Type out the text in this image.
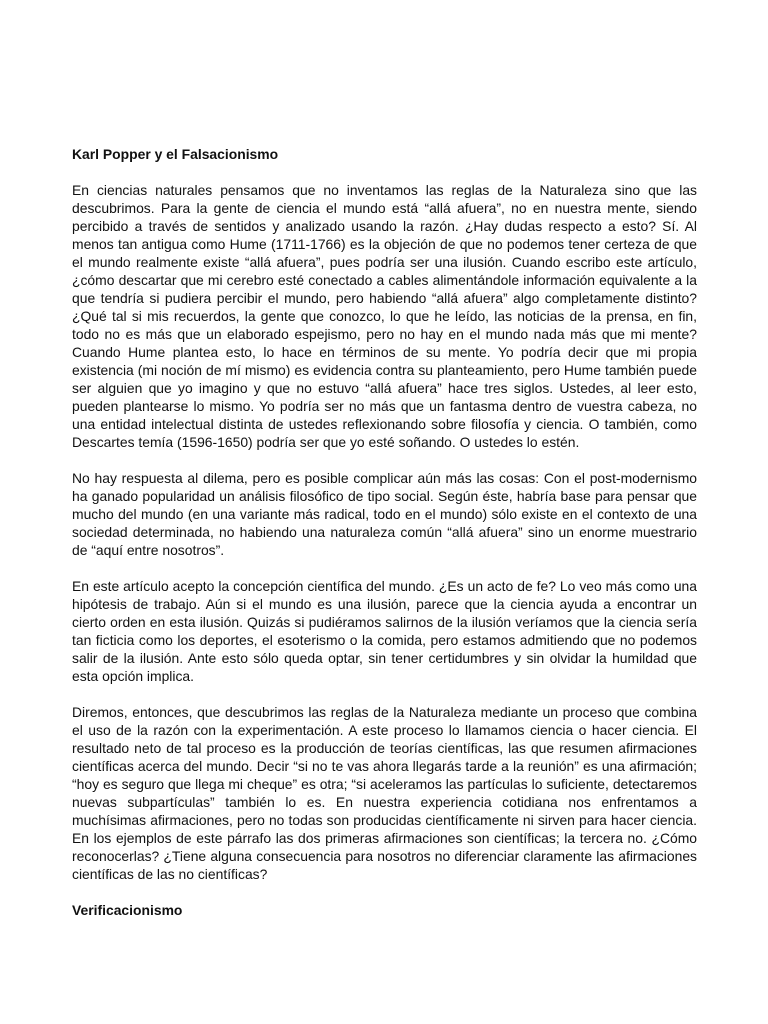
Karl Popper y el Falsacionismo

En ciencias naturales pensamos que no inventamos las reglas de la Naturaleza sino que las descubrimos. Para la gente de ciencia el mundo está “allá afuera”, no en nuestra mente, siendo percibido a través de sentidos y analizado usando la razón. ¿Hay dudas respecto a esto? Sí. Al menos tan antigua como Hume (1711-1766) es la objeción de que no podemos tener certeza de que el mundo realmente existe “allá afuera”, pues podría ser una ilusión. Cuando escribo este artículo, ¿cómo descartar que mi cerebro esté conectado a cables alimentándole información equivalente a la que tendría si pudiera percibir el mundo, pero habiendo “allá afuera” algo completamente distinto? ¿Qué tal si mis recuerdos, la gente que conozco, lo que he leído, las noticias de la prensa, en fin, todo no es más que un elaborado espejismo, pero no hay en el mundo nada más que mi mente? Cuando Hume plantea esto, lo hace en términos de su mente. Yo podría decir que mi propia existencia (mi noción de mí mismo) es evidencia contra su planteamiento, pero Hume también puede ser alguien que yo imagino y que no estuvo “allá afuera” hace tres siglos. Ustedes, al leer esto, pueden plantearse lo mismo. Yo podría ser no más que un fantasma dentro de vuestra cabeza, no una entidad intelectual distinta de ustedes reflexionando sobre filosofía y ciencia. O también, como Descartes temía (1596-1650) podría ser que yo esté soñando. O ustedes lo estén.

No hay respuesta al dilema, pero es posible complicar aún más las cosas: Con el post-modernismo ha ganado popularidad un análisis filosófico de tipo social. Según éste, habría base para pensar que mucho del mundo (en una variante más radical, todo en el mundo) sólo existe en el contexto de una sociedad determinada, no habiendo una naturaleza común “allá afuera” sino un enorme muestrario de “aquí entre nosotros”.

En este artículo acepto la concepción científica del mundo. ¿Es un acto de fe? Lo veo más como una hipótesis de trabajo. Aún si el mundo es una ilusión, parece que la ciencia ayuda a encontrar un cierto orden en esta ilusión. Quizás si pudiéramos salirnos de la ilusión veríamos que la ciencia sería tan ficticia como los deportes, el esoterismo o la comida, pero estamos admitiendo que no podemos salir de la ilusión. Ante esto sólo queda optar, sin tener certidumbres y sin olvidar la humildad que esta opción implica.

Diremos, entonces, que descubrimos las reglas de la Naturaleza mediante un proceso que combina el uso de la razón con la experimentación. A este proceso lo llamamos ciencia o hacer ciencia. El resultado neto de tal proceso es la producción de teorías científicas, las que resumen afirmaciones científicas acerca del mundo. Decir “si no te vas ahora llegarás tarde a la reunión” es una afirmación; “hoy es seguro que llega mi cheque” es otra; “si aceleramos las partículas lo suficiente, detectaremos nuevas subpartículas” también lo es. En nuestra experiencia cotidiana nos enfrentamos a muchísimas afirmaciones, pero no todas son producidas científicamente ni sirven para hacer ciencia. En los ejemplos de este párrafo las dos primeras afirmaciones son científicas; la tercera no. ¿Cómo reconocerlas? ¿Tiene alguna consecuencia para nosotros no diferenciar claramente las afirmaciones científicas de las no científicas?

Verificacionismo
